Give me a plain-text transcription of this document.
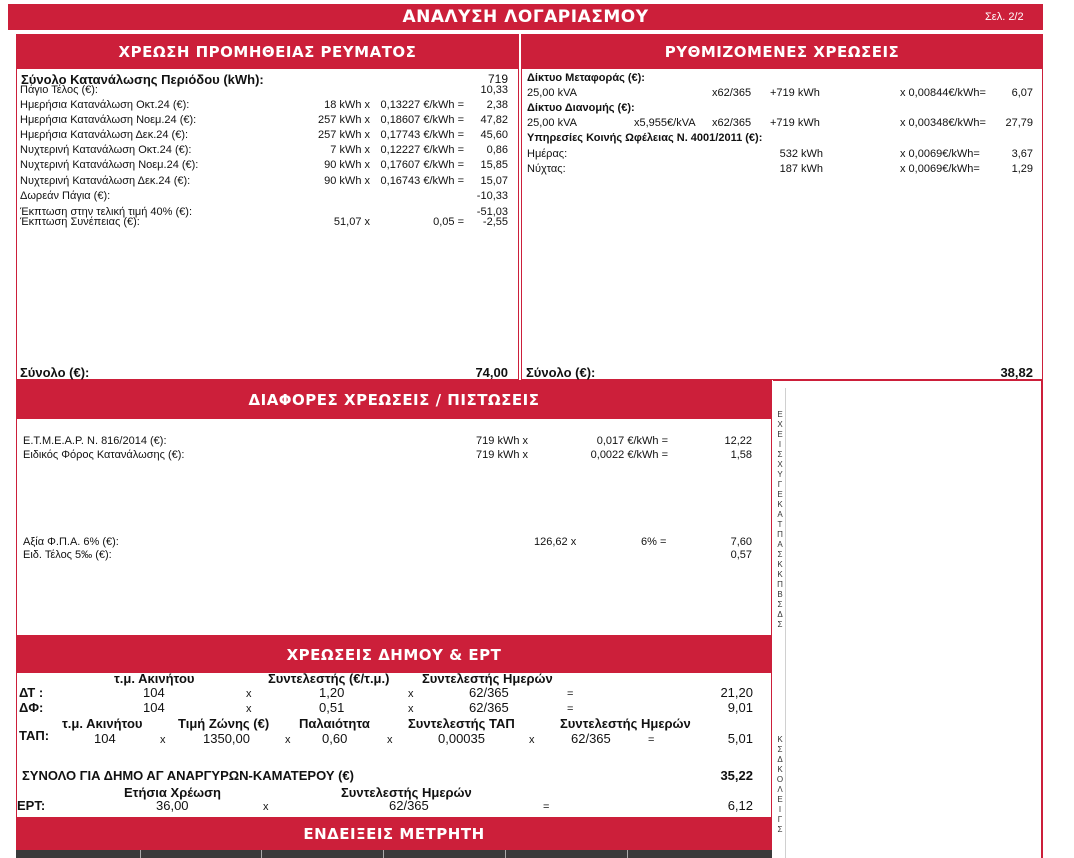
ΑΝΑΛΥΣΗ ΛΟΓΑΡΙΑΣΜΟΥ	Σελ. 2/2
ΧΡΕΩΣΗ ΠΡΟΜΗΘΕΙΑΣ ΡΕΥΜΑΤΟΣ
Σύνολο Κατανάλωσης Περιόδου (kWh):	719
Πάγιο Τέλος (€):	10,33
Ημερήσια Κατανάλωση Οκτ.24 (€):	18 kWh x 0,13227 €/kWh =	2,38
Ημερήσια Κατανάλωση Νοεμ.24 (€):	257 kWh x 0,18607 €/kWh =	47,82
Ημερήσια Κατανάλωση Δεκ.24 (€):	257 kWh x 0,17743 €/kWh =	45,60
Νυχτερινή Κατανάλωση Οκτ.24 (€):	7 kWh x 0,12227 €/kWh =	0,86
Νυχτερινή Κατανάλωση Νοεμ.24 (€):	90 kWh x 0,17607 €/kWh =	15,85
Νυχτερινή Κατανάλωση Δεκ.24 (€):	90 kWh x 0,16743 €/kWh =	15,07
Δωρεάν Πάγια (€):	-10,33
Έκπτωση στην τελική τιμή 40% (€):	-51,03
Έκπτωση Συνέπειας (€):	51,07 x	0,05 =	-2,55
Σύνολο (€):	74,00
ΡΥΘΜΙΖΟΜΕΝΕΣ ΧΡΕΩΣΕΙΣ
Δίκτυο Μεταφοράς (€):
25,00 kVA	x62/365 +719 kWh	x 0,00844€/kWh=	6,07
Δίκτυο Διανομής (€):
25,00 kVA	x5,955€/kVA x62/365 +719 kWh	x 0,00348€/kWh=	27,79
Υπηρεσίες Κοινής Ωφέλειας Ν. 4001/2011 (€):
Ημέρας:	532 kWh	x 0,0069€/kWh=	3,67
Νύχτας:	187 kWh	x 0,0069€/kWh=	1,29
Σύνολο (€):	38,82
ΔΙΑΦΟΡΕΣ ΧΡΕΩΣΕΙΣ / ΠΙΣΤΩΣΕΙΣ
Ε.Τ.Μ.Ε.Α.Ρ. Ν. 816/2014 (€):	719 kWh x	0,017 €/kWh =	12,22
Ειδικός Φόρος Κατανάλωσης (€):	719 kWh x	0,0022 €/kWh =	1,58
Αξία Φ.Π.Α. 6% (€):	126,62 x	6% =	7,60
Ειδ. Τέλος 5‰ (€):	0,57
ΧΡΕΩΣΕΙΣ ΔΗΜΟΥ & ΕΡΤ
τ.μ. Ακινήτου	Συντελεστής (€/τ.μ.)	Συντελεστής Ημερών
ΔΤ :	104	x	1,20	x	62/365	=	21,20
ΔΦ:	104	x	0,51	x	62/365	=	9,01
τ.μ. Ακινήτου	Τιμή Ζώνης (€) Παλαιότητα	Συντελεστής ΤΑΠ	Συντελεστής Ημερών
ΤΑΠ:	104	x	1350,00	x 0,60	x	0,00035	x	62/365	=	5,01
ΣΥΝΟΛΟ ΓΙΑ ΔΗΜΟ ΑΓ ΑΝΑΡΓΥΡΩΝ-ΚΑΜΑΤΕΡΟΥ (€)	35,22
Ετήσια Χρέωση	Συντελεστής Ημερών
ΕΡΤ:	36,00	x	62/365	=	6,12
ΕΝΔΕΙΞΕΙΣ ΜΕΤΡΗΤΗ
Ε
Χ
Ε
Ι
Σ
Χ
Υ
Γ
Ε
Κ
Α
Τ
Π
Α
Σ
Κ
Κ
Π
Β
Σ
Δ
Σ
Κ
Σ
Δ
Κ
Ο
Λ
Ε
Ι
Γ
Σ
